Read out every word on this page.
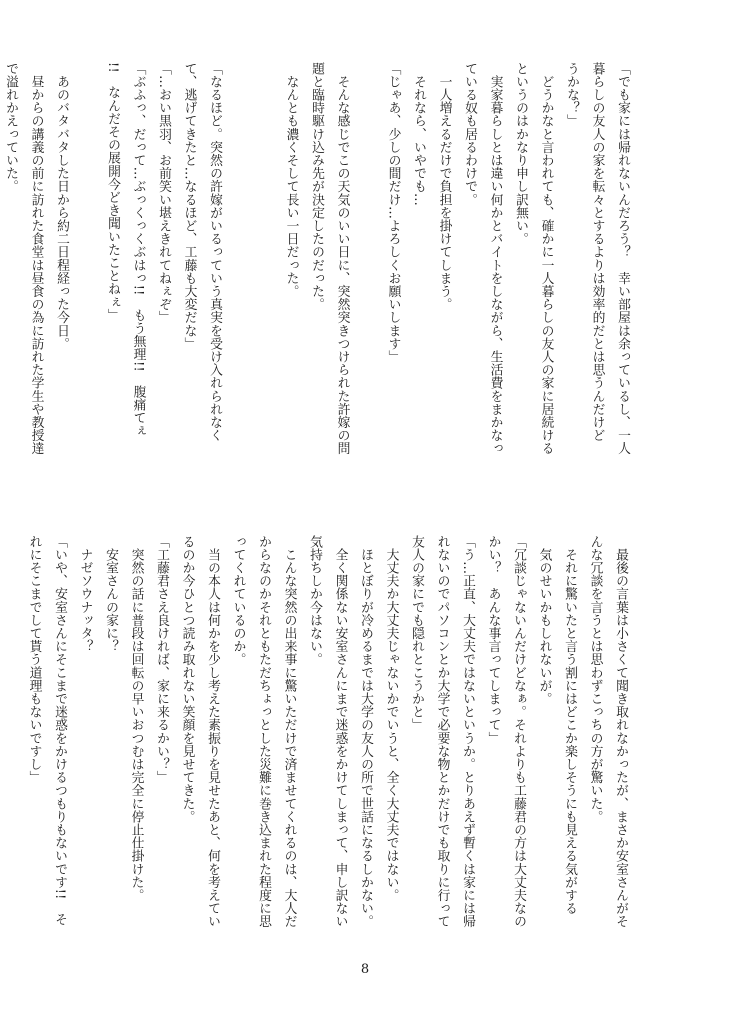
「でも家には帰れないんだろう？　幸い部屋は余っているし、一人
暮らしの友人の家を転々とするよりは効率的だとは思うんだけど
うかな？」
　どうかなと言われても、確かに一人暮らしの友人の家に居続ける
というのはかなり申し訳無い。
　実家暮らしとは違い何かとバイトをしながら、生活費をまかなっ
ている奴も居るわけで。
　一人増えるだけで負担を掛けてしまう。
　それなら、いやでも…
「じゃあ、少しの間だけ…よろしくお願いします」

　そんな感じでこの天気のいい日に、突然突きつけられた許嫁の問
題と臨時駆け込み先が決定したのだった。
　なんとも濃くそして長い一日だった。

「なるほど。突然の許嫁がいるっていう真実を受け入れられなく
て、逃げてきたと…なるほど、工藤も大変だな」
「…おい黒羽、お前笑い堪えきれてねぇぞ」
「ぶふっ、だって…ぶっくっくぶはっ!!　もう無理!!　腹痛てぇ
!!　なんだその展開今どき聞いたことねぇ」

　あのバタバタした日から約二日程経った今日。
　昼からの講義の前に訪れた食堂は昼食の為に訪れた学生や教授達
で溢れかえっていた。
　最後の言葉は小さくて聞き取れなかったが、まさか安室さんがそ
んな冗談を言うとは思わずこっちの方が驚いた。
　それに驚いたと言う割にはどこか楽しそうにも見える気がする
　気のせいかもしれないが。
「冗談じゃないんだけどなぁ。それよりも工藤君の方は大丈夫なの
かい？　あんな事言ってしまって」
「う…正直、大丈夫ではないというか。とりあえず暫くは家には帰
れないのでパソコンとか大学で必要な物とかだけでも取りに行って
友人の家にでも隠れとこうかと」
　大丈夫か大丈夫じゃないかでいうと、全く大丈夫ではない。
　ほとぼりが冷めるまでは大学の友人の所で世話になるしかない。
　全く関係ない安室さんにまで迷惑をかけてしまって、申し訳ない
気持ちしか今はない。
　こんな突然の出来事に驚いただけで済ませてくれるのは、大人だ
からなのかそれともただちょっとした災難に巻き込まれた程度に思
ってくれているのか。
　当の本人は何かを少し考えた素振りを見せたあと、何を考えてい
るのか今ひとつ読み取れない笑顔を見せてきた。
「工藤君さえ良ければ、家に来るかい？」
　突然の話に普段は回転の早いおつむは完全に停止仕掛けた。
　安室さんの家に？
　ナゼソウナッタ？
「いや、安室さんにそこまで迷惑をかけるつもりもないです!!　そ
れにそこまでして貰う道理もないですし」
8
